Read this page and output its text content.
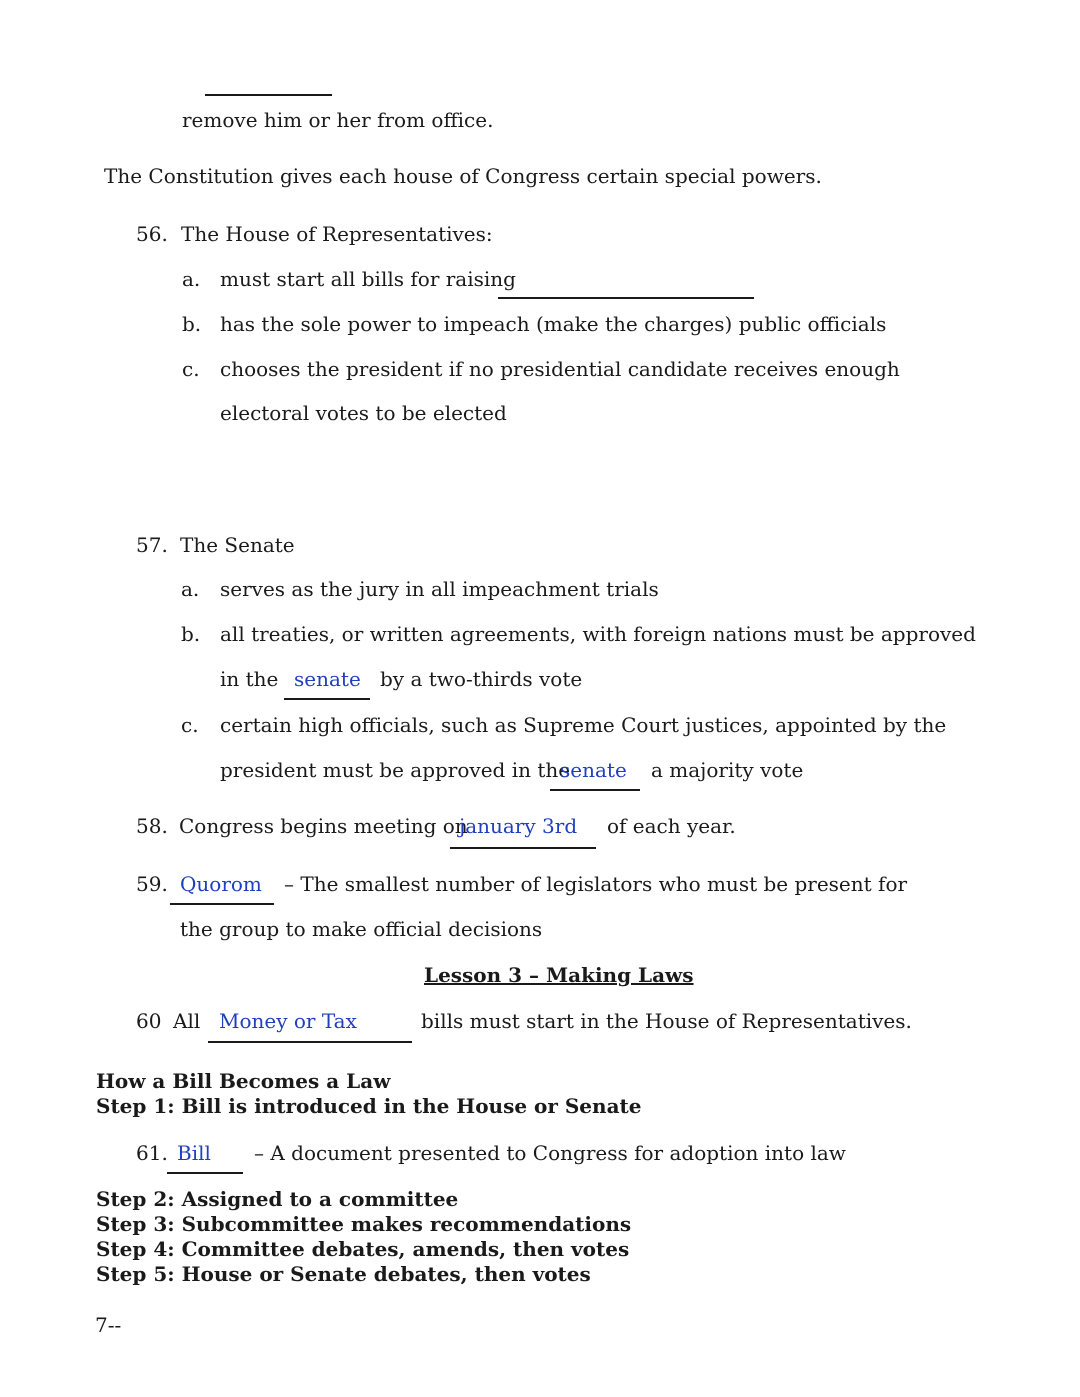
remove him or her from office.
The Constitution gives each house of Congress certain special powers.
56. The House of Representatives:
a. must start all bills for raising
b. has the sole power to impeach (make the charges) public officials
c. chooses the president if no presidential candidate receives enough
electoral votes to be elected
57. The Senate
a. serves as the jury in all impeachment trials
b. all treaties, or written agreements, with foreign nations must be approved
in the senate by a two-thirds vote
c. certain high officials, such as Supreme Court justices, appointed by the
president must be approved in the
senate a majority vote
58. Congress begins meeting on
january 3rd of each year.
59. Quorom – The smallest number of legislators who must be present for
the group to make official decisions
Lesson 3 – Making Laws
60 All Money or Tax	bills must start in the House of Representatives.
How a Bill Becomes a Law
Step 1: Bill is introduced in the House or Senate
61. Bill – A document presented to Congress for adoption into law
Step 2: Assigned to a committee
Step 3: Subcommittee makes recommendations
Step 4: Committee debates, amends, then votes
Step 5: House or Senate debates, then votes
7--
